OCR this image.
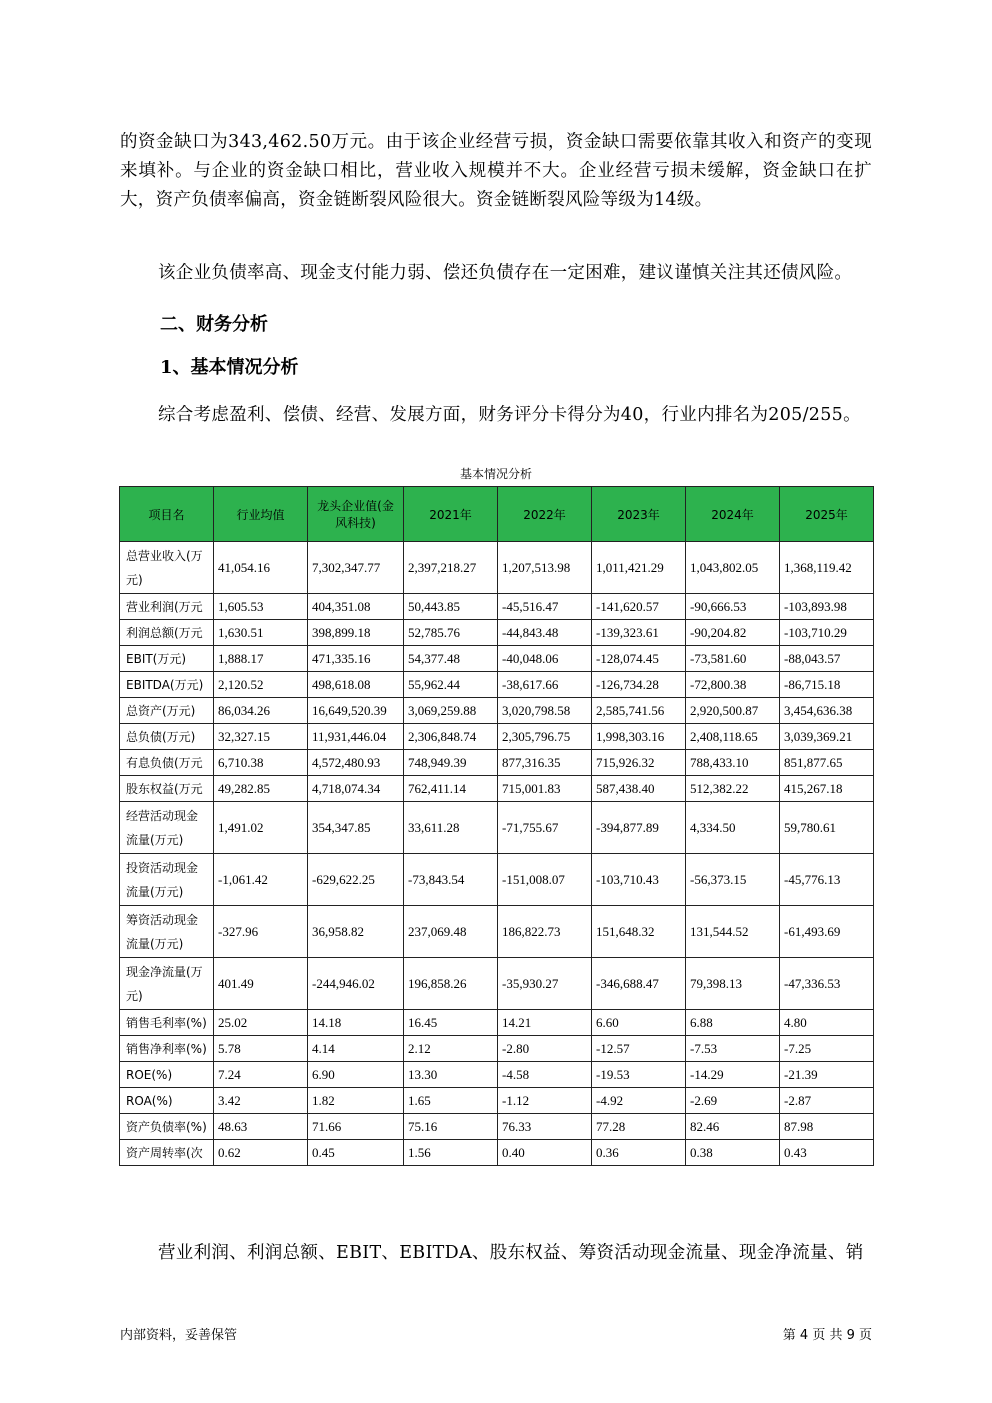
的资金缺口为343,462.50万元。由于该企业经营亏损，资金缺口需要依靠其收入和资产的变现来填补。与企业的资金缺口相比，营业收入规模并不大。企业经营亏损未缓解，资金缺口在扩大，资产负债率偏高，资金链断裂风险很大。资金链断裂风险等级为14级。

该企业负债率高、现金支付能力弱、偿还负债存在一定困难，建议谨慎关注其还债风险。

二、财务分析
1、基本情况分析

综合考虑盈利、偿债、经营、发展方面，财务评分卡得分为40，行业内排名为205/255。

基本情况分析
项目名	行业均值	龙头企业值(金风科技)	2021年	2022年	2023年	2024年	2025年
总营业收入(万元)	41,054.16	7,302,347.77	2,397,218.27	1,207,513.98	1,011,421.29	1,043,802.05	1,368,119.42
营业利润(万元	1,605.53	404,351.08	50,443.85	-45,516.47	-141,620.57	-90,666.53	-103,893.98
利润总额(万元	1,630.51	398,899.18	52,785.76	-44,843.48	-139,323.61	-90,204.82	-103,710.29
EBIT(万元)	1,888.17	471,335.16	54,377.48	-40,048.06	-128,074.45	-73,581.60	-88,043.57
EBITDA(万元)	2,120.52	498,618.08	55,962.44	-38,617.66	-126,734.28	-72,800.38	-86,715.18
总资产(万元)	86,034.26	16,649,520.39	3,069,259.88	3,020,798.58	2,585,741.56	2,920,500.87	3,454,636.38
总负债(万元)	32,327.15	11,931,446.04	2,306,848.74	2,305,796.75	1,998,303.16	2,408,118.65	3,039,369.21
有息负债(万元	6,710.38	4,572,480.93	748,949.39	877,316.35	715,926.32	788,433.10	851,877.65
股东权益(万元	49,282.85	4,718,074.34	762,411.14	715,001.83	587,438.40	512,382.22	415,267.18
经营活动现金流量(万元)	1,491.02	354,347.85	33,611.28	-71,755.67	-394,877.89	4,334.50	59,780.61
投资活动现金流量(万元)	-1,061.42	-629,622.25	-73,843.54	-151,008.07	-103,710.43	-56,373.15	-45,776.13
筹资活动现金流量(万元)	-327.96	36,958.82	237,069.48	186,822.73	151,648.32	131,544.52	-61,493.69
现金净流量(万元)	401.49	-244,946.02	196,858.26	-35,930.27	-346,688.47	79,398.13	-47,336.53
销售毛利率(%)	25.02	14.18	16.45	14.21	6.60	6.88	4.80
销售净利率(%)	5.78	4.14	2.12	-2.80	-12.57	-7.53	-7.25
ROE(%)	7.24	6.90	13.30	-4.58	-19.53	-14.29	-21.39
ROA(%)	3.42	1.82	1.65	-1.12	-4.92	-2.69	-2.87
资产负债率(%)	48.63	71.66	75.16	76.33	77.28	82.46	87.98
资产周转率(次	0.62	0.45	1.56	0.40	0.36	0.38	0.43

营业利润、利润总额、EBIT、EBITDA、股东权益、筹资活动现金流量、现金净流量、销

内部资料，妥善保管	第 4 页 共 9 页
